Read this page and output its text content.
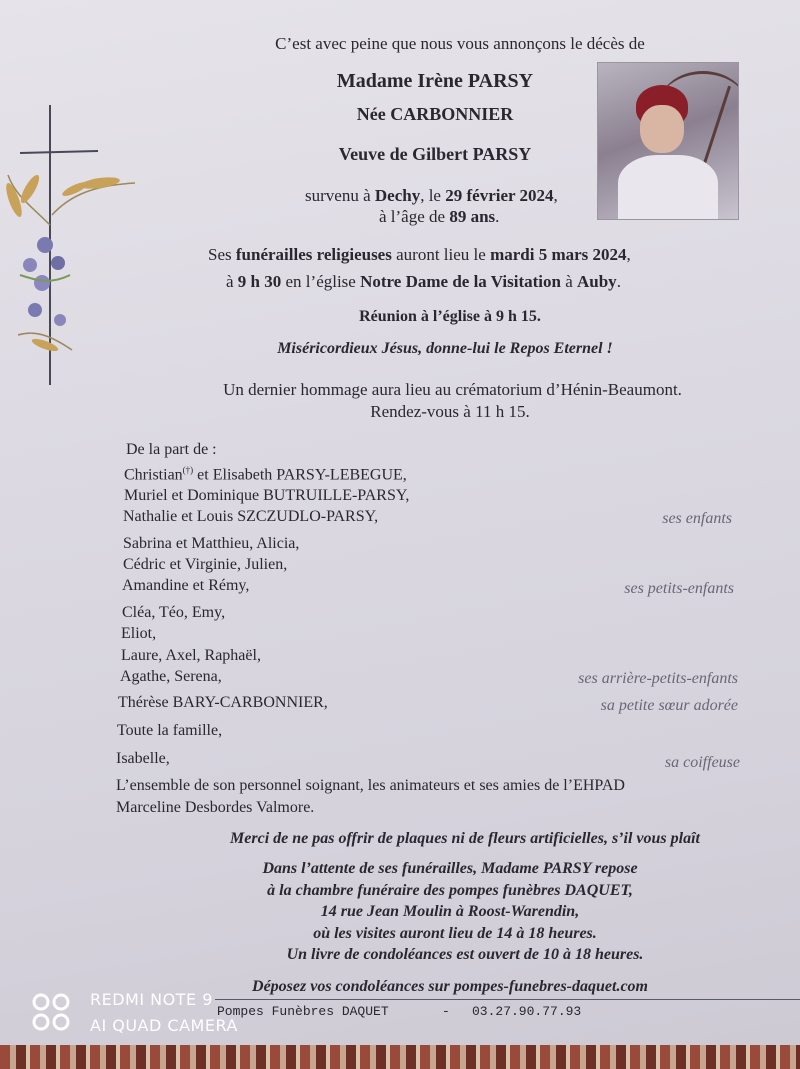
C’est avec peine que nous vous annonçons le décès de
Madame Irène PARSY
Née CARBONNIER
Veuve de Gilbert PARSY
survenu à Dechy, le 29 février 2024,
à l’âge de 89 ans.
Ses funérailles religieuses auront lieu le mardi 5 mars 2024,
à 9 h 30 en l’église Notre Dame de la Visitation à Auby.
Réunion à l’église à 9 h 15.
Miséricordieux Jésus, donne-lui le Repos Eternel !
Un dernier hommage aura lieu au crématorium d’Hénin-Beaumont.
Rendez-vous à 11 h 15.
De la part de :
Christian(†) et Elisabeth PARSY-LEBEGUE,
Muriel et Dominique BUTRUILLE-PARSY,
Nathalie et Louis SZCZUDLO-PARSY,	ses enfants
Sabrina et Matthieu, Alicia,
Cédric et Virginie, Julien,
Amandine et Rémy,	ses petits-enfants
Cléa, Téo, Emy,
Eliot,
Laure, Axel, Raphaël,
Agathe, Serena,	ses arrière-petits-enfants
Thérèse BARY-CARBONNIER,	sa petite sœur adorée
Toute la famille,
Isabelle,	sa coiffeuse
L’ensemble de son personnel soignant, les animateurs et ses amies de l’EHPAD
Marceline Desbordes Valmore.
Merci de ne pas offrir de plaques ni de fleurs artificielles, s’il vous plaît
Dans l’attente de ses funérailles, Madame PARSY repose
à la chambre funéraire des pompes funèbres DAQUET,
14 rue Jean Moulin à Roost-Warendin,
où les visites auront lieu de 14 à 18 heures.
Un livre de condoléances est ouvert de 10 à 18 heures.
Déposez vos condoléances sur pompes-funebres-daquet.com
Pompes Funèbres DAQUET	- 03.27.90.77.93
REDMI NOTE 9
AI QUAD CAMERA
